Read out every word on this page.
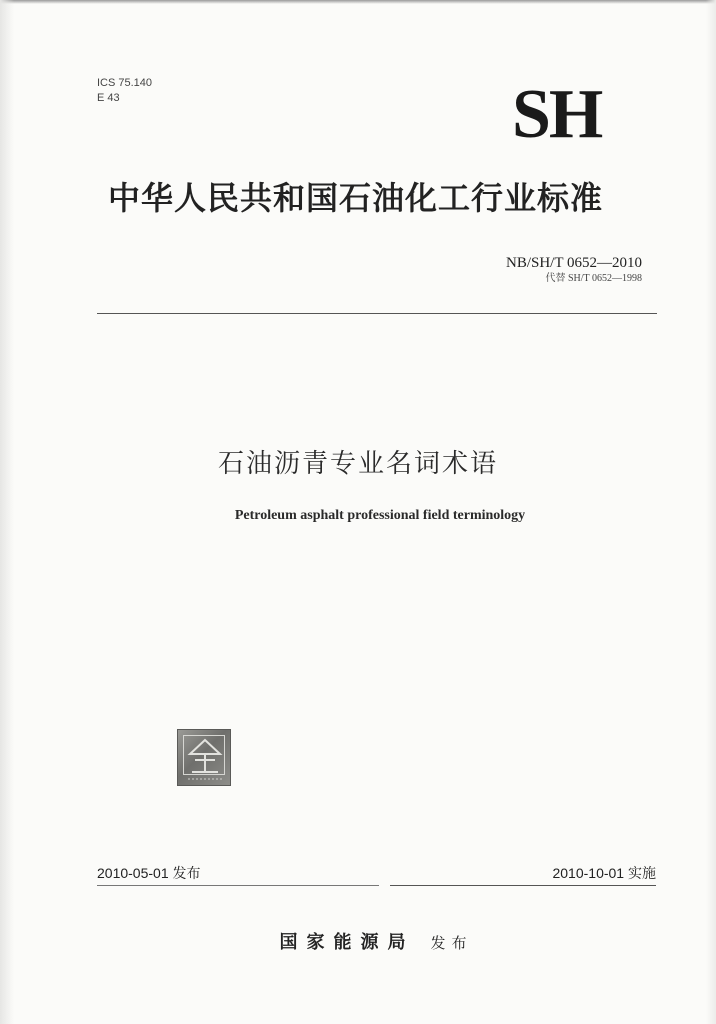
ICS 75.140
E 43	SH
中华人民共和国石油化工行业标准
NB/SH/T 0652—2010
代替 SH/T 0652—1998
石油沥青专业名词术语
Petroleum asphalt professional field terminology
2010-05-01 发布	2010-10-01 实施
国家能源局 发布
